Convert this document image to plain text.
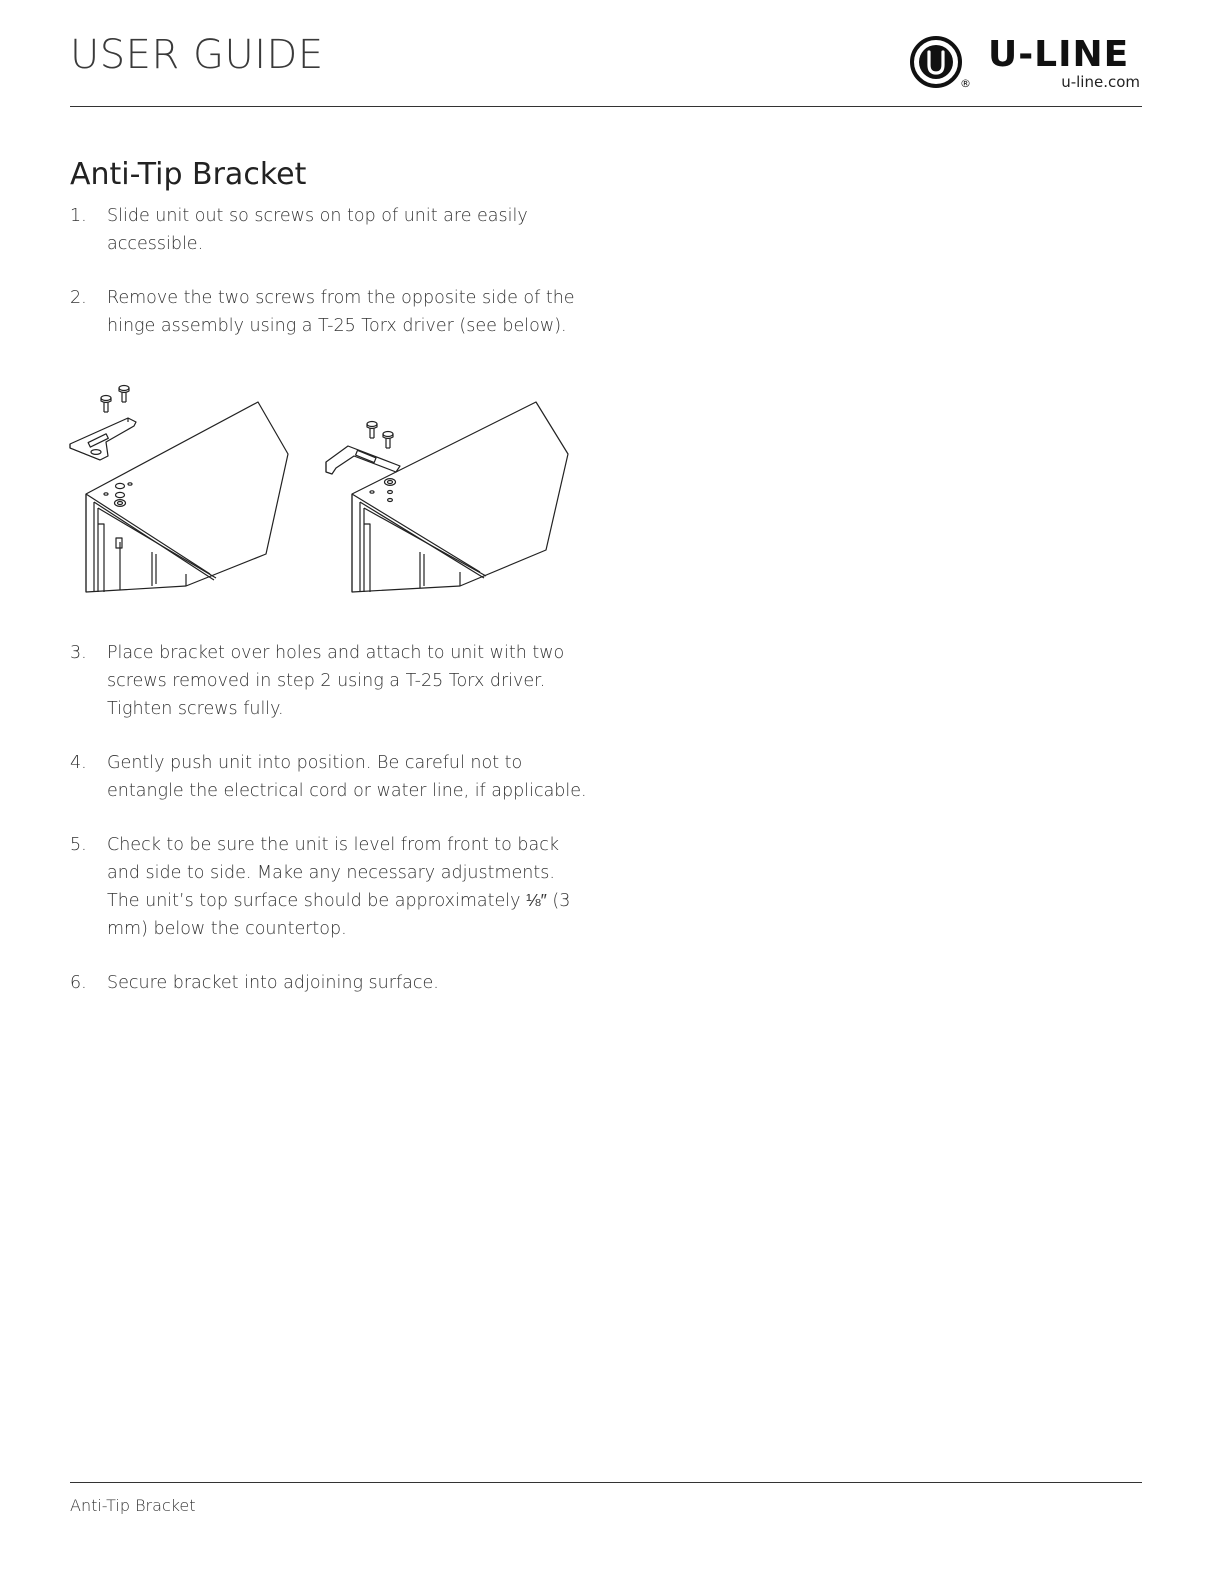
USER GUIDE
®
U-LINE
u-line.com
Anti-Tip Bracket
1. Slide unit out so screws on top of unit are easily accessible.
2. Remove the two screws from the opposite side of the hinge assembly using a T-25 Torx driver (see below).
3. Place bracket over holes and attach to unit with two screws removed in step 2 using a T-25 Torx driver. Tighten screws fully.
4. Gently push unit into position. Be careful not to entangle the electrical cord or water line, if applicable.
5. Check to be sure the unit is level from front to back and side to side. Make any necessary adjustments. The unit’s top surface should be approximately ⅛″ (3 mm) below the countertop.
6. Secure bracket into adjoining surface.
Anti-Tip Bracket
